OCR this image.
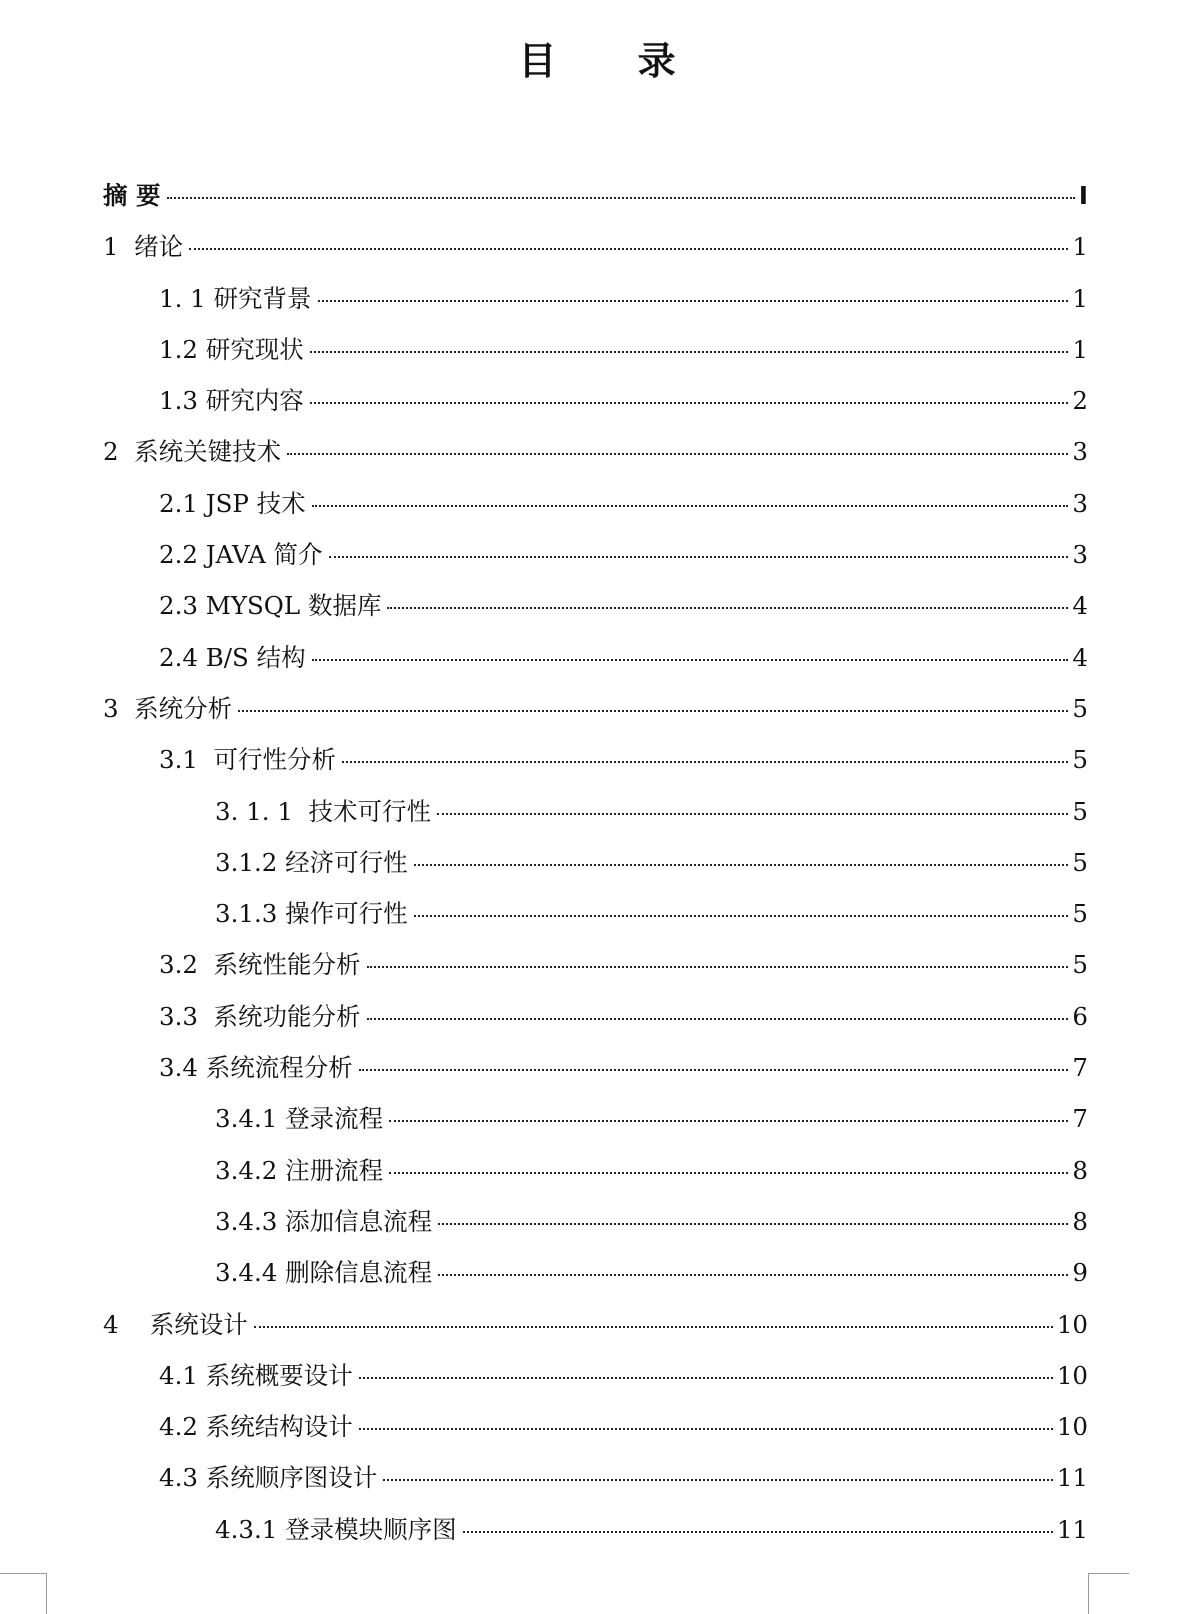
目 录
摘 要	I
1  绪论	1
1. 1 研究背景	1
1.2 研究现状	1
1.3 研究内容	2
2  系统关键技术	3
2.1 JSP 技术	3
2.2 JAVA 简介	3
2.3 MYSQL 数据库	4
2.4 B/S 结构	4
3  系统分析	5
3.1  可行性分析	5
3. 1. 1  技术可行性	5
3.1.2 经济可行性	5
3.1.3 操作可行性	5
3.2  系统性能分析	5
3.3  系统功能分析	6
3.4 系统流程分析	7
3.4.1 登录流程	7
3.4.2 注册流程	8
3.4.3 添加信息流程	8
3.4.4 删除信息流程	9
4    系统设计	10
4.1 系统概要设计	10
4.2 系统结构设计	10
4.3 系统顺序图设计	11
4.3.1 登录模块顺序图	11
